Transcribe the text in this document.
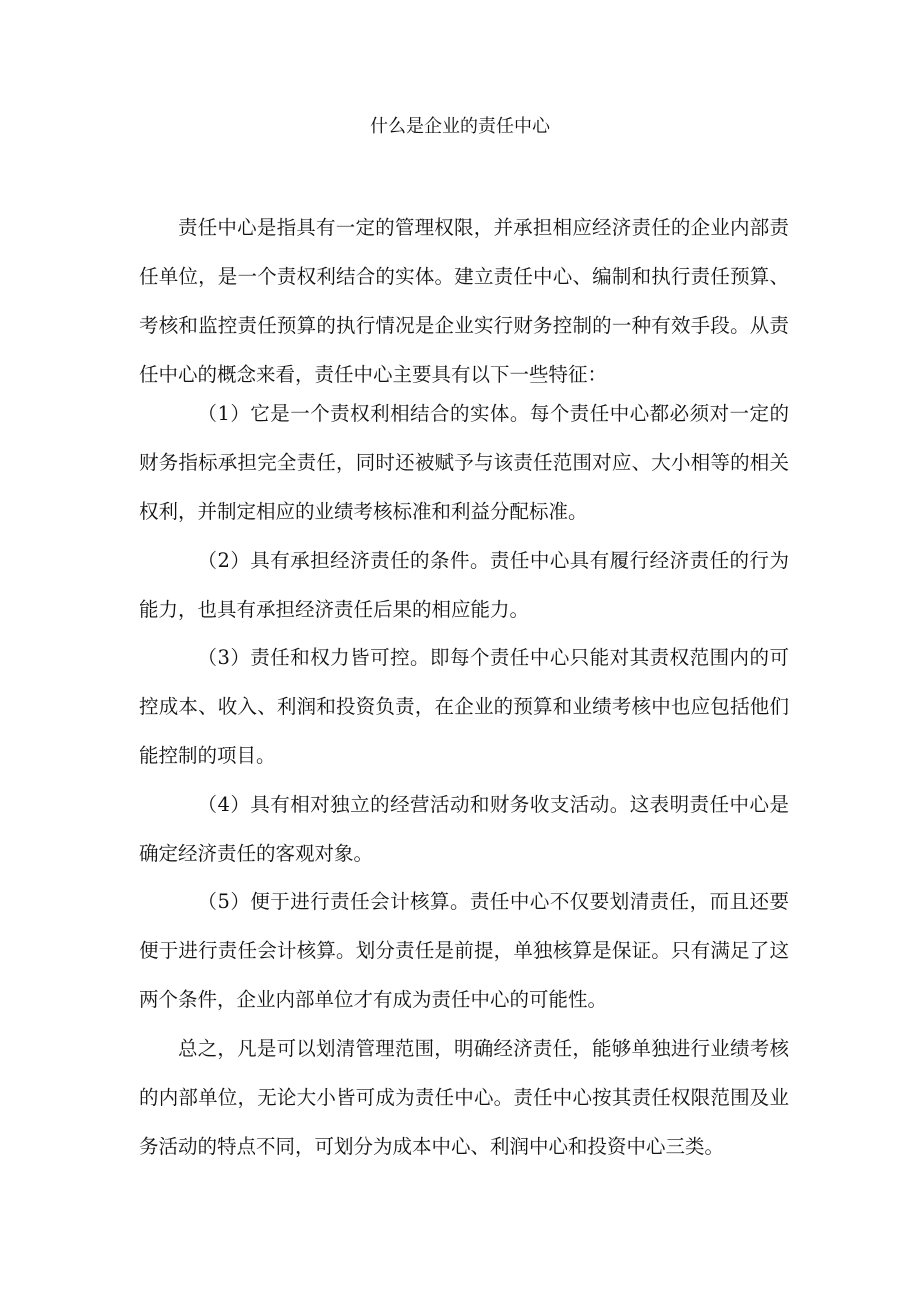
什么是企业的责任中心

责任中心是指具有一定的管理权限，并承担相应经济责任的企业内部责任单位，是一个责权利结合的实体。建立责任中心、编制和执行责任预算、考核和监控责任预算的执行情况是企业实行财务控制的一种有效手段。从责任中心的概念来看，责任中心主要具有以下一些特征：

（1）它是一个责权利相结合的实体。每个责任中心都必须对一定的财务指标承担完全责任，同时还被赋予与该责任范围对应、大小相等的相关权利，并制定相应的业绩考核标准和利益分配标准。

（2）具有承担经济责任的条件。责任中心具有履行经济责任的行为能力，也具有承担经济责任后果的相应能力。

（3）责任和权力皆可控。即每个责任中心只能对其责权范围内的可控成本、收入、利润和投资负责，在企业的预算和业绩考核中也应包括他们能控制的项目。

（4）具有相对独立的经营活动和财务收支活动。这表明责任中心是确定经济责任的客观对象。

（5）便于进行责任会计核算。责任中心不仅要划清责任，而且还要便于进行责任会计核算。划分责任是前提，单独核算是保证。只有满足了这两个条件，企业内部单位才有成为责任中心的可能性。

总之，凡是可以划清管理范围，明确经济责任，能够单独进行业绩考核的内部单位，无论大小皆可成为责任中心。责任中心按其责任权限范围及业务活动的特点不同，可划分为成本中心、利润中心和投资中心三类。
